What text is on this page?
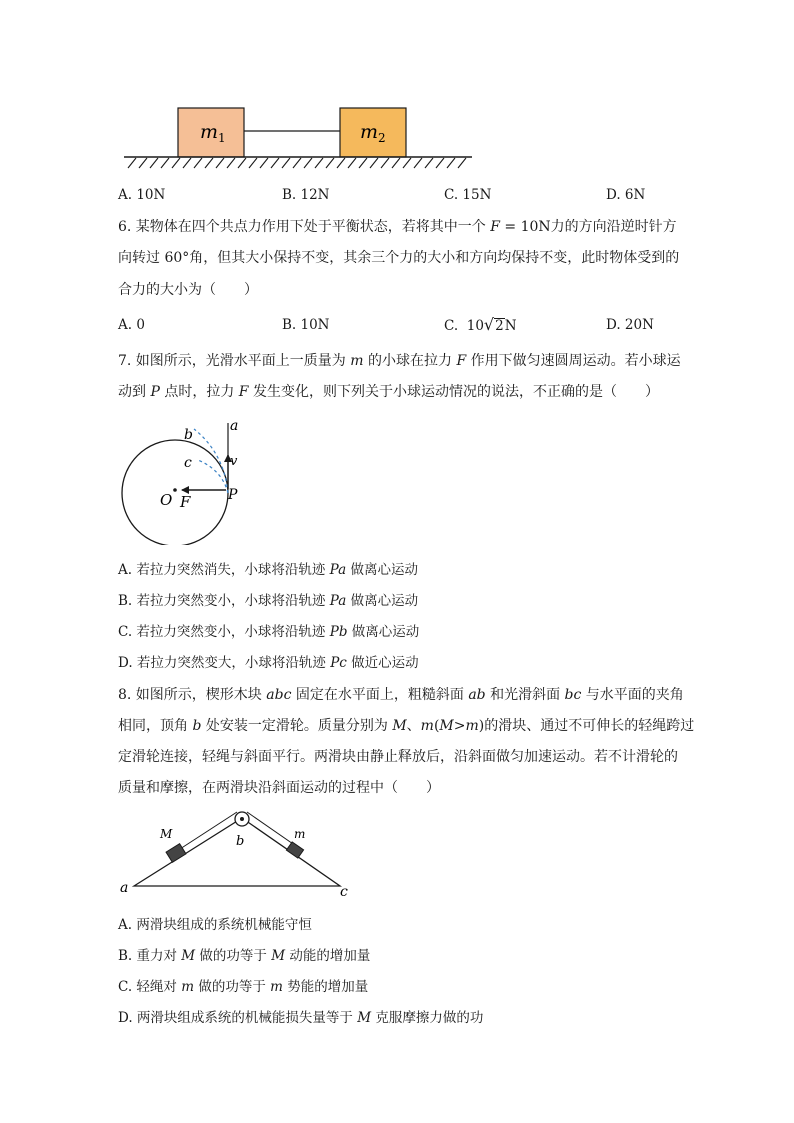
$m_1$	$m_2$
A. 10N	B. 12N	C. 15N	D. 6N
6. 某物体在四个共点力作用下处于平衡状态，若将其中一个 F = 10N力的方向沿逆时针方
向转过 60°角，但其大小保持不变，其余三个力的大小和方向均保持不变，此时物体受到的
合力的大小为（　　）
A. 0	B. 10N	C. 10√2N	D. 20N
7. 如图所示，光滑水平面上一质量为 m 的小球在拉力 F 作用下做匀速圆周运动。若小球运
动到 P 点时，拉力 F 发生变化，则下列关于小球运动情况的说法，不正确的是（　　）
a
b
c	v
O F	P
A. 若拉力突然消失，小球将沿轨迹 Pa 做离心运动
B. 若拉力突然变小，小球将沿轨迹 Pa 做离心运动
C. 若拉力突然变小，小球将沿轨迹 Pb 做离心运动
D. 若拉力突然变大，小球将沿轨迹 Pc 做近心运动
8. 如图所示，楔形木块 abc 固定在水平面上，粗糙斜面 ab 和光滑斜面 bc 与水平面的夹角
相同，顶角 b 处安装一定滑轮。质量分别为 M、m(M>m)的滑块、通过不可伸长的轻绳跨过
定滑轮连接，轻绳与斜面平行。两滑块由静止释放后，沿斜面做匀加速运动。若不计滑轮的
质量和摩擦，在两滑块沿斜面运动的过程中（　　）
M	m
a
b
c
A. 两滑块组成的系统机械能守恒
B. 重力对 M 做的功等于 M 动能的增加量
C. 轻绳对 m 做的功等于 m 势能的增加量
D. 两滑块组成系统的机械能损失量等于 M 克服摩擦力做的功
